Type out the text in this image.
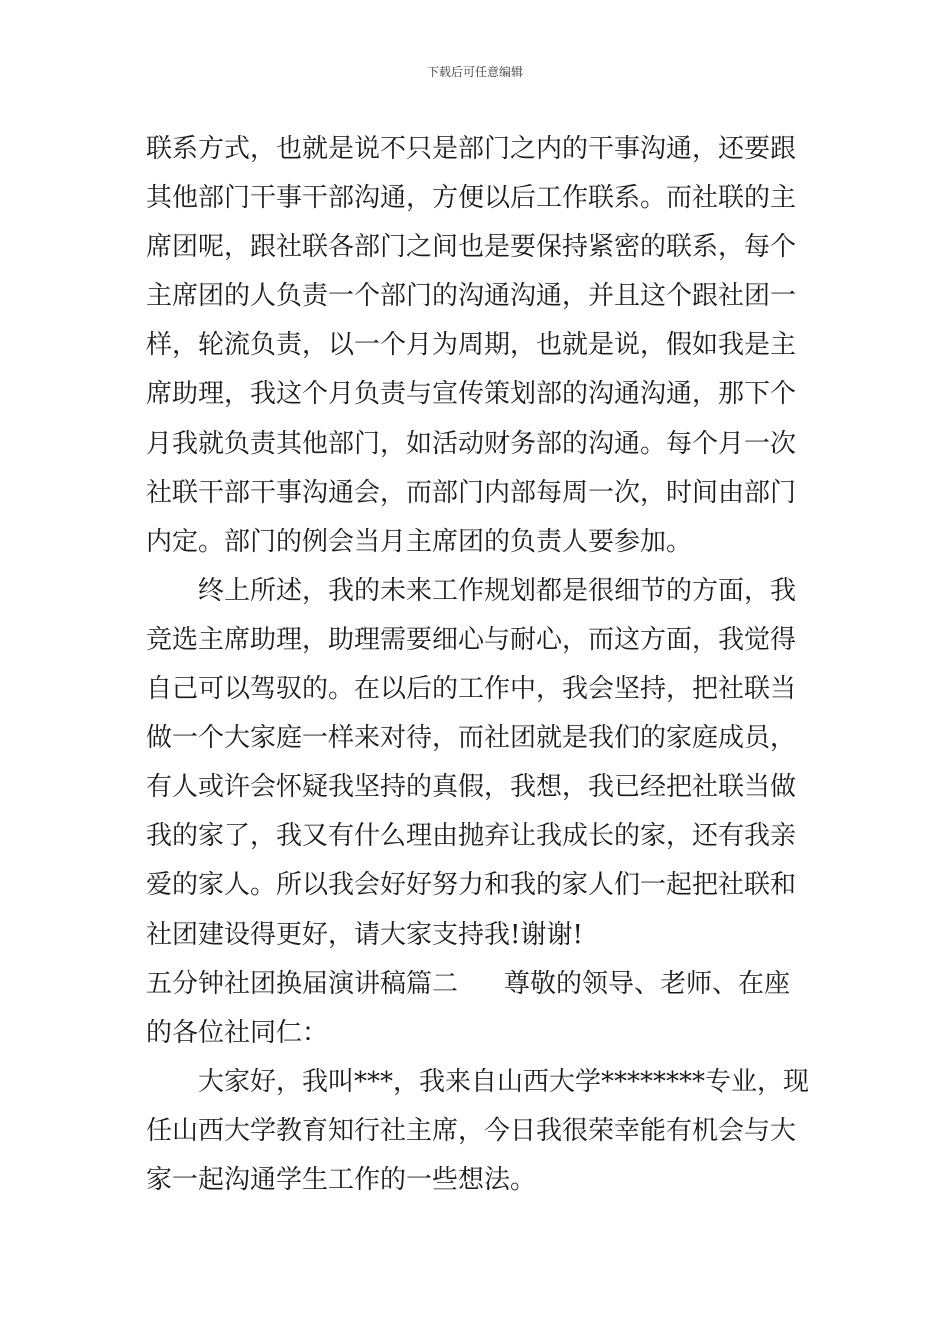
下载后可任意编辑
联系方式，也就是说不只是部门之内的干事沟通，还要跟
其他部门干事干部沟通，方便以后工作联系。而社联的主
席团呢，跟社联各部门之间也是要保持紧密的联系，每个
主席团的人负责一个部门的沟通沟通，并且这个跟社团一
样，轮流负责，以一个月为周期，也就是说，假如我是主
席助理，我这个月负责与宣传策划部的沟通沟通，那下个
月我就负责其他部门，如活动财务部的沟通。每个月一次
社联干部干事沟通会，而部门内部每周一次，时间由部门
内定。部门的例会当月主席团的负责人要参加。
终上所述，我的未来工作规划都是很细节的方面，我
竞选主席助理，助理需要细心与耐心，而这方面，我觉得
自己可以驾驭的。在以后的工作中，我会坚持，把社联当
做一个大家庭一样来对待，而社团就是我们的家庭成员，
有人或许会怀疑我坚持的真假，我想，我已经把社联当做
我的家了，我又有什么理由抛弃让我成长的家，还有我亲
爱的家人。所以我会好好努力和我的家人们一起把社联和
社团建设得更好，请大家支持我!谢谢!
五分钟社团换届演讲稿篇二 尊敬的领导、老师、在座
的各位社同仁：
大家好，我叫***，我来自山西大学********专业，现
任山西大学教育知行社主席，今日我很荣幸能有机会与大
家一起沟通学生工作的一些想法。
